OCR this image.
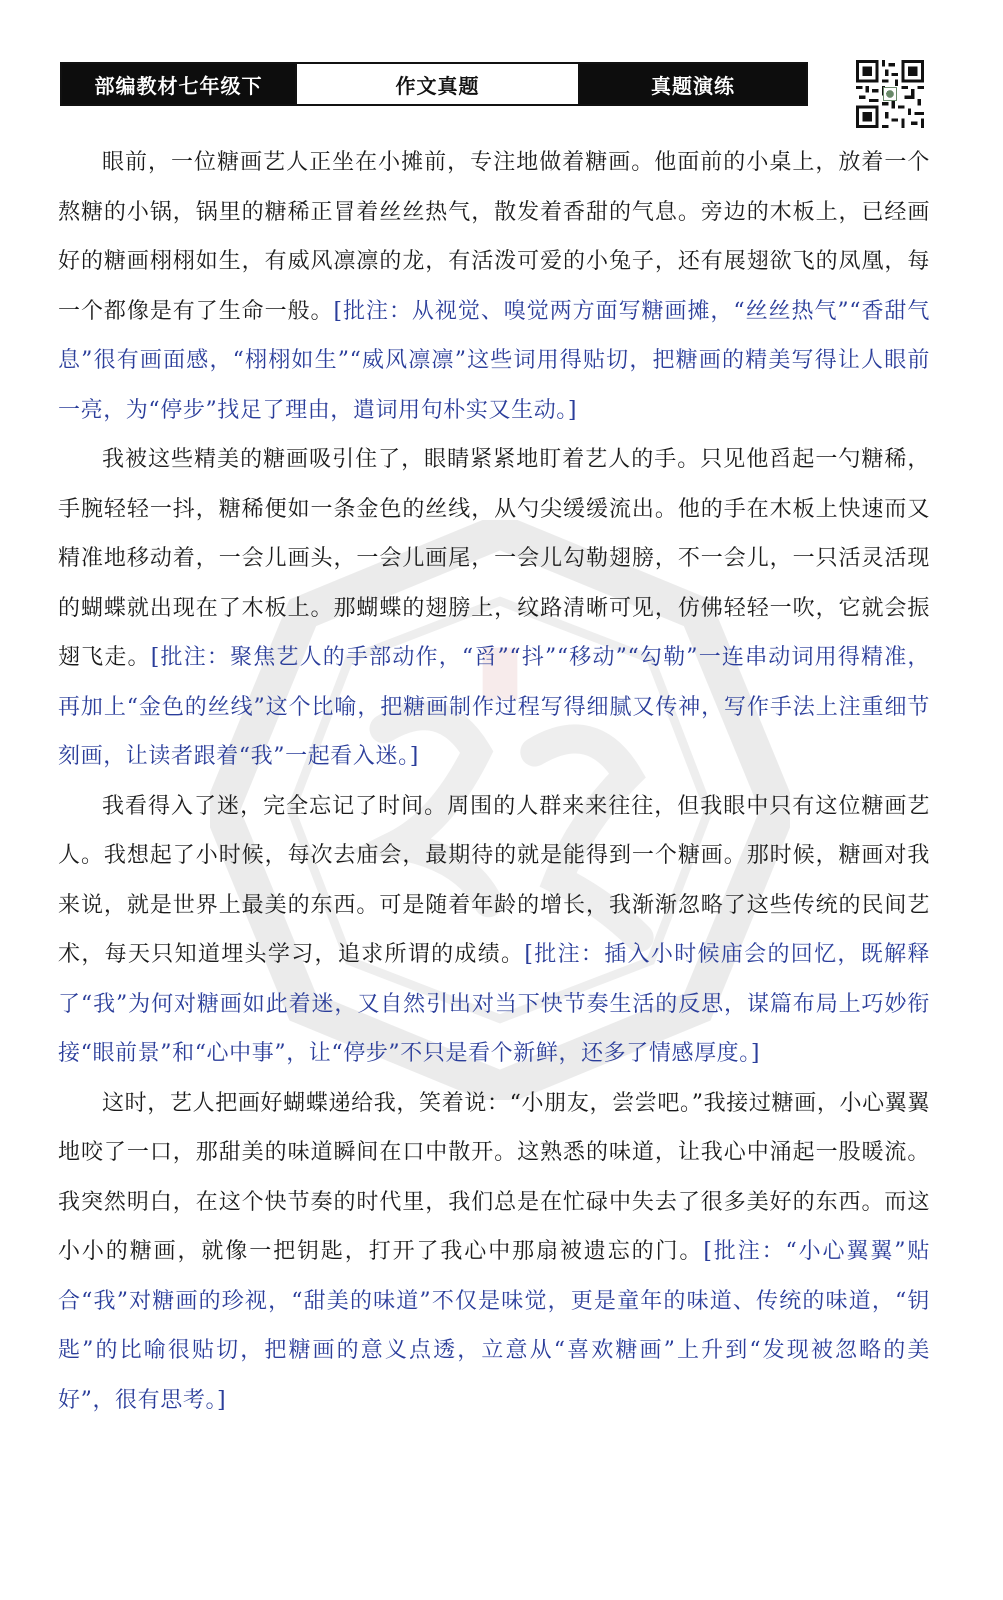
部编教材七年级下	作文真题	真题演练

眼前，一位糖画艺人正坐在小摊前，专注地做着糖画。他面前的小桌上，放着一个熬糖的小锅，锅里的糖稀正冒着丝丝热气，散发着香甜的气息。旁边的木板上，已经画好的糖画栩栩如生，有威风凛凛的龙，有活泼可爱的小兔子，还有展翅欲飞的凤凰，每一个都像是有了生命一般。[批注：从视觉、嗅觉两方面写糖画摊，“丝丝热气”“香甜气息”很有画面感，“栩栩如生”“威风凛凛”这些词用得贴切，把糖画的精美写得让人眼前一亮，为“停步”找足了理由，遣词用句朴实又生动。]

我被这些精美的糖画吸引住了，眼睛紧紧地盯着艺人的手。只见他舀起一勺糖稀，手腕轻轻一抖，糖稀便如一条金色的丝线，从勺尖缓缓流出。他的手在木板上快速而又精准地移动着，一会儿画头，一会儿画尾，一会儿勾勒翅膀，不一会儿，一只活灵活现的蝴蝶就出现在了木板上。那蝴蝶的翅膀上，纹路清晰可见，仿佛轻轻一吹，它就会振翅飞走。[批注：聚焦艺人的手部动作，“舀”“抖”“移动”“勾勒”一连串动词用得精准，再加上“金色的丝线”这个比喻，把糖画制作过程写得细腻又传神，写作手法上注重细节刻画，让读者跟着“我”一起看入迷。]

我看得入了迷，完全忘记了时间。周围的人群来来往往，但我眼中只有这位糖画艺人。我想起了小时候，每次去庙会，最期待的就是能得到一个糖画。那时候，糖画对我来说，就是世界上最美的东西。可是随着年龄的增长，我渐渐忽略了这些传统的民间艺术，每天只知道埋头学习，追求所谓的成绩。[批注：插入小时候庙会的回忆，既解释了“我”为何对糖画如此着迷，又自然引出对当下快节奏生活的反思，谋篇布局上巧妙衔接“眼前景”和“心中事”，让“停步”不只是看个新鲜，还多了情感厚度。]

这时，艺人把画好蝴蝶递给我，笑着说：“小朋友，尝尝吧。”我接过糖画，小心翼翼地咬了一口，那甜美的味道瞬间在口中散开。这熟悉的味道，让我心中涌起一股暖流。我突然明白，在这个快节奏的时代里，我们总是在忙碌中失去了很多美好的东西。而这小小的糖画，就像一把钥匙，打开了我心中那扇被遗忘的门。[批注：“小心翼翼”贴合“我”对糖画的珍视，“甜美的味道”不仅是味觉，更是童年的味道、传统的味道，“钥匙”的比喻很贴切，把糖画的意义点透，立意从“喜欢糖画”上升到“发现被忽略的美好”，很有思考。]
